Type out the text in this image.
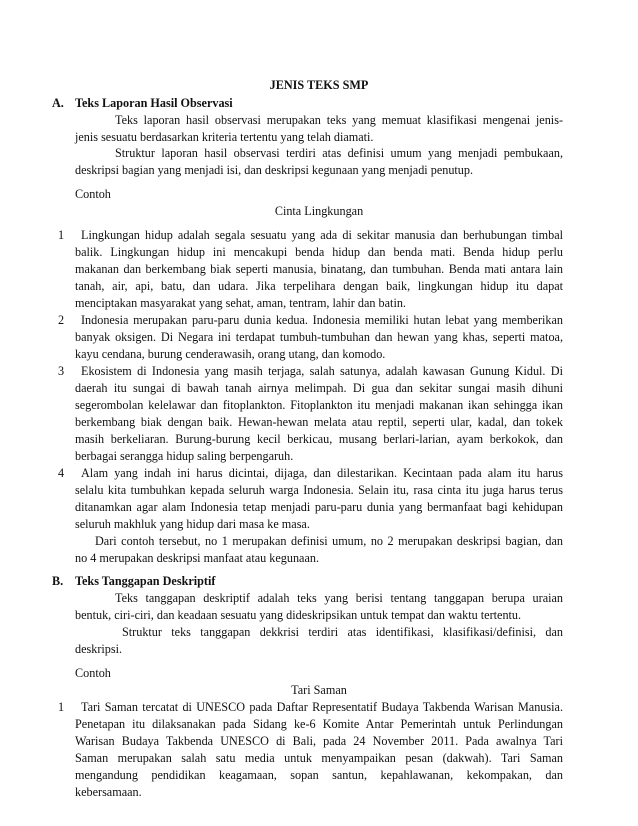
JENIS TEKS SMP
A. Teks Laporan Hasil Observasi
Teks laporan hasil observasi merupakan teks yang memuat klasifikasi mengenai jenis-
jenis sesuatu berdasarkan kriteria tertentu yang telah diamati.
Struktur laporan hasil observasi terdiri atas definisi umum yang menjadi pembukaan,
deskripsi bagian yang menjadi isi, dan deskripsi kegunaan yang menjadi penutup.
Contoh
Cinta Lingkungan
1 Lingkungan hidup adalah segala sesuatu yang ada di sekitar manusia dan berhubungan timbal
balik. Lingkungan hidup ini mencakupi benda hidup dan benda mati. Benda hidup perlu
makanan dan berkembang biak seperti manusia, binatang, dan tumbuhan. Benda mati antara lain
tanah, air, api, batu, dan udara. Jika terpelihara dengan baik, lingkungan hidup itu dapat
menciptakan masyarakat yang sehat, aman, tentram, lahir dan batin.
2 Indonesia merupakan paru-paru dunia kedua. Indonesia memiliki hutan lebat yang memberikan
banyak oksigen. Di Negara ini terdapat tumbuh-tumbuhan dan hewan yang khas, seperti matoa,
kayu cendana, burung cenderawasih, orang utang, dan komodo.
3 Ekosistem di Indonesia yang masih terjaga, salah satunya, adalah kawasan Gunung Kidul. Di
daerah itu sungai di bawah tanah airnya melimpah. Di gua dan sekitar sungai masih dihuni
segerombolan kelelawar dan fitoplankton. Fitoplankton itu menjadi makanan ikan sehingga ikan
berkembang biak dengan baik. Hewan-hewan melata atau reptil, seperti ular, kadal, dan tokek
masih berkeliaran. Burung-burung kecil berkicau, musang berlari-larian, ayam berkokok, dan
berbagai serangga hidup saling berpengaruh.
4 Alam yang indah ini harus dicintai, dijaga, dan dilestarikan. Kecintaan pada alam itu harus
selalu kita tumbuhkan kepada seluruh warga Indonesia. Selain itu, rasa cinta itu juga harus terus
ditanamkan agar alam Indonesia tetap menjadi paru-paru dunia yang bermanfaat bagi kehidupan
seluruh makhluk yang hidup dari masa ke masa.
Dari contoh tersebut, no 1 merupakan definisi umum, no 2 merupakan deskripsi bagian, dan
no 4 merupakan deskripsi manfaat atau kegunaan.
B. Teks Tanggapan Deskriptif
Teks tanggapan deskriptif adalah teks yang berisi tentang tanggapan berupa uraian
bentuk, ciri-ciri, dan keadaan sesuatu yang dideskripsikan untuk tempat dan waktu tertentu.
Struktur teks tanggapan dekkrisi terdiri atas identifikasi, klasifikasi/definisi, dan
deskripsi.
Contoh
Tari Saman
1 Tari Saman tercatat di UNESCO pada Daftar Representatif Budaya Takbenda Warisan Manusia.
Penetapan itu dilaksanakan pada Sidang ke-6 Komite Antar Pemerintah untuk Perlindungan
Warisan Budaya Takbenda UNESCO di Bali, pada 24 November 2011. Pada awalnya Tari
Saman merupakan salah satu media untuk menyampaikan pesan (dakwah). Tari Saman
mengandung pendidikan keagamaan, sopan santun, kepahlawanan, kekompakan, dan
kebersamaan.
